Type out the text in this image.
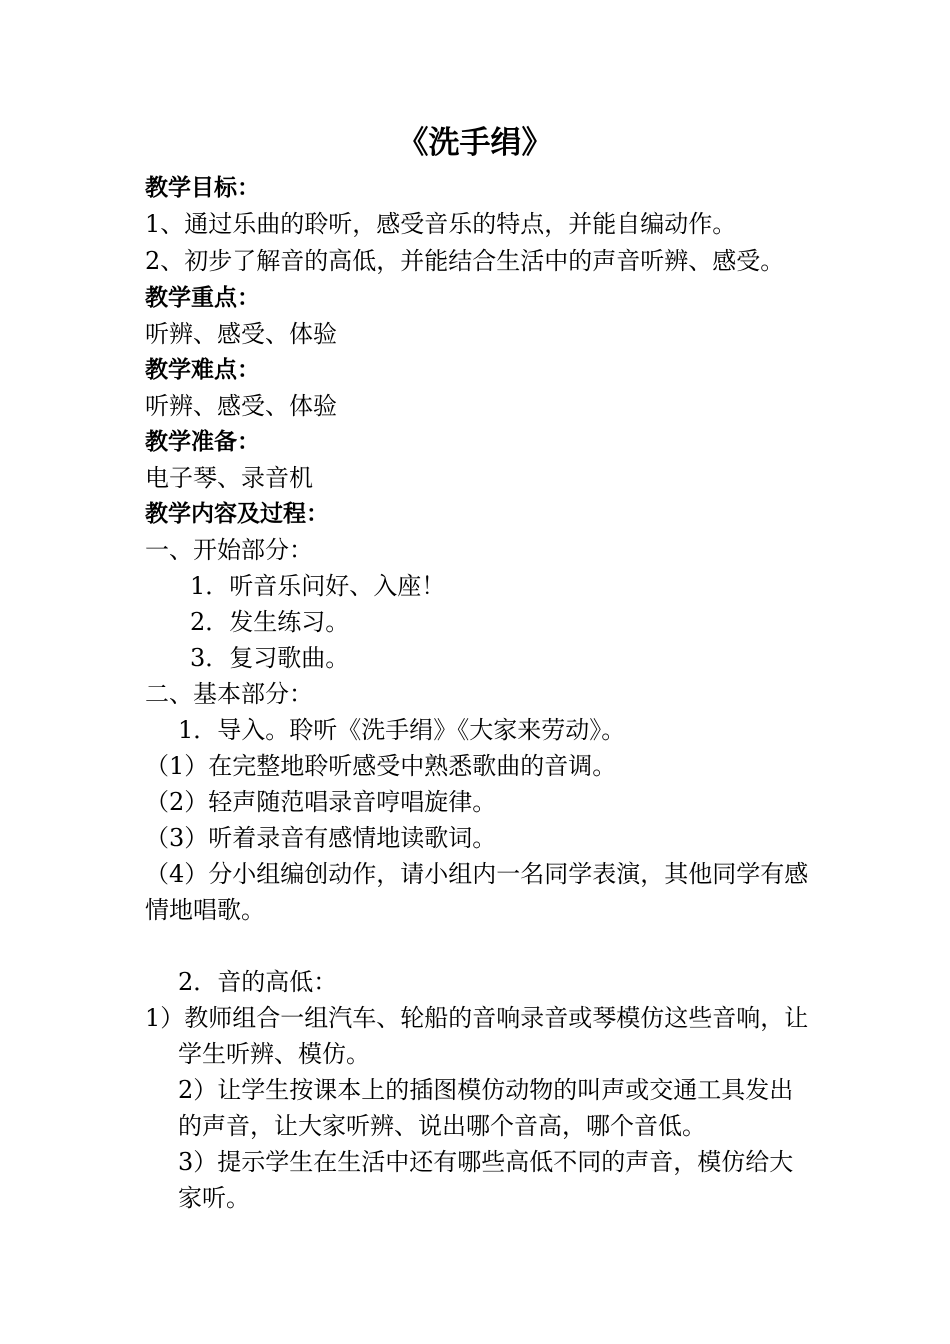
《洗手绢》
教学目标：
1、通过乐曲的聆听，感受音乐的特点，并能自编动作。
2、初步了解音的高低，并能结合生活中的声音听辨、感受。
教学重点：
听辨、感受、体验
教学难点：
听辨、感受、体验
教学准备：
电子琴、录音机
教学内容及过程：
一、开始部分：
1．听音乐问好、入座！
2．发生练习。
3．复习歌曲。
二、基本部分：
1．导入。聆听《洗手绢》《大家来劳动》。
（1）在完整地聆听感受中熟悉歌曲的音调。
（2）轻声随范唱录音哼唱旋律。
（3）听着录音有感情地读歌词。
（4）分小组编创动作，请小组内一名同学表演，其他同学有感
情地唱歌。
2．音的高低：
1）教师组合一组汽车、轮船的音响录音或琴模仿这些音响，让
学生听辨、模仿。
2）让学生按课本上的插图模仿动物的叫声或交通工具发出
的声音，让大家听辨、说出哪个音高，哪个音低。
3）提示学生在生活中还有哪些高低不同的声音，模仿给大
家听。
